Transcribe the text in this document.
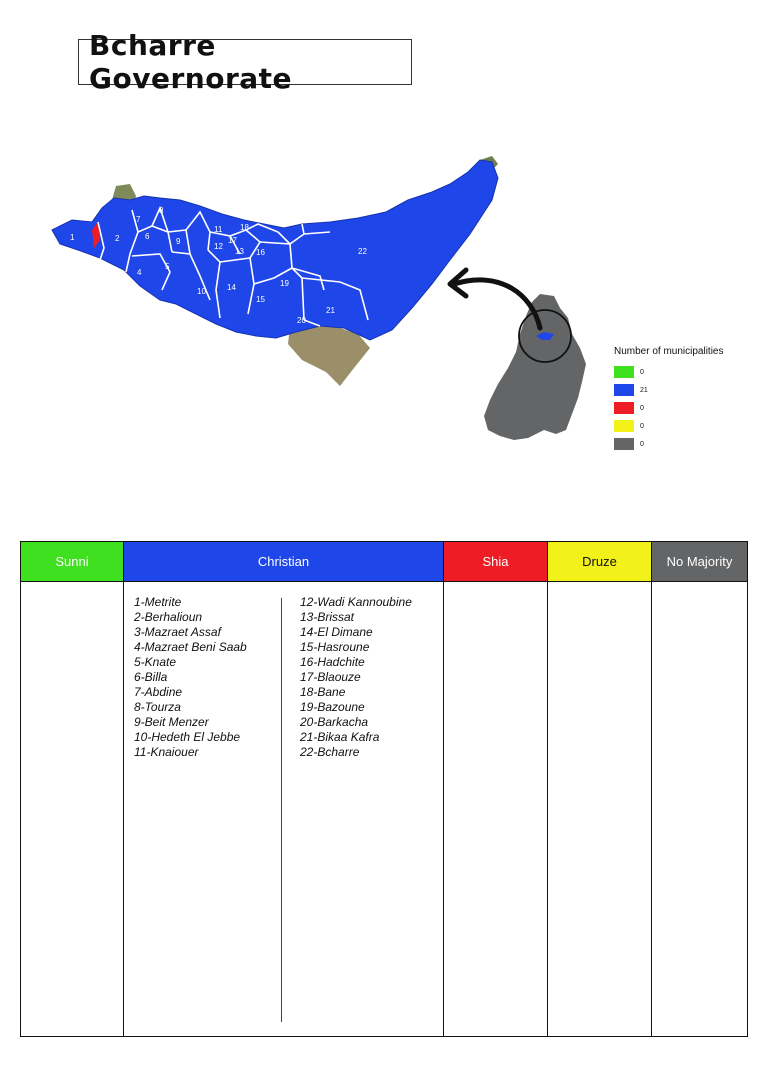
Bcharre Governorate
1	2
3
4
5
6
7
8
9
10
11
12
13
14
15
16
17
18
19
20
21
22
Number of municipalities
0
21
0
0
0
Sunni	Christian	Shia	Druze	No Majority
1-Metrite
2-Berhalioun
3-Mazraet Assaf
4-Mazraet Beni Saab
5-Knate
6-Billa
7-Abdine
8-Tourza
9-Beit Menzer
10-Hedeth El Jebbe
11-Knaiouer
12-Wadi Kannoubine
13-Brissat
14-El Dimane
15-Hasroune
16-Hadchite
17-Blaouze
18-Bane
19-Bazoune
20-Barkacha
21-Bikaa Kafra
22-Bcharre
